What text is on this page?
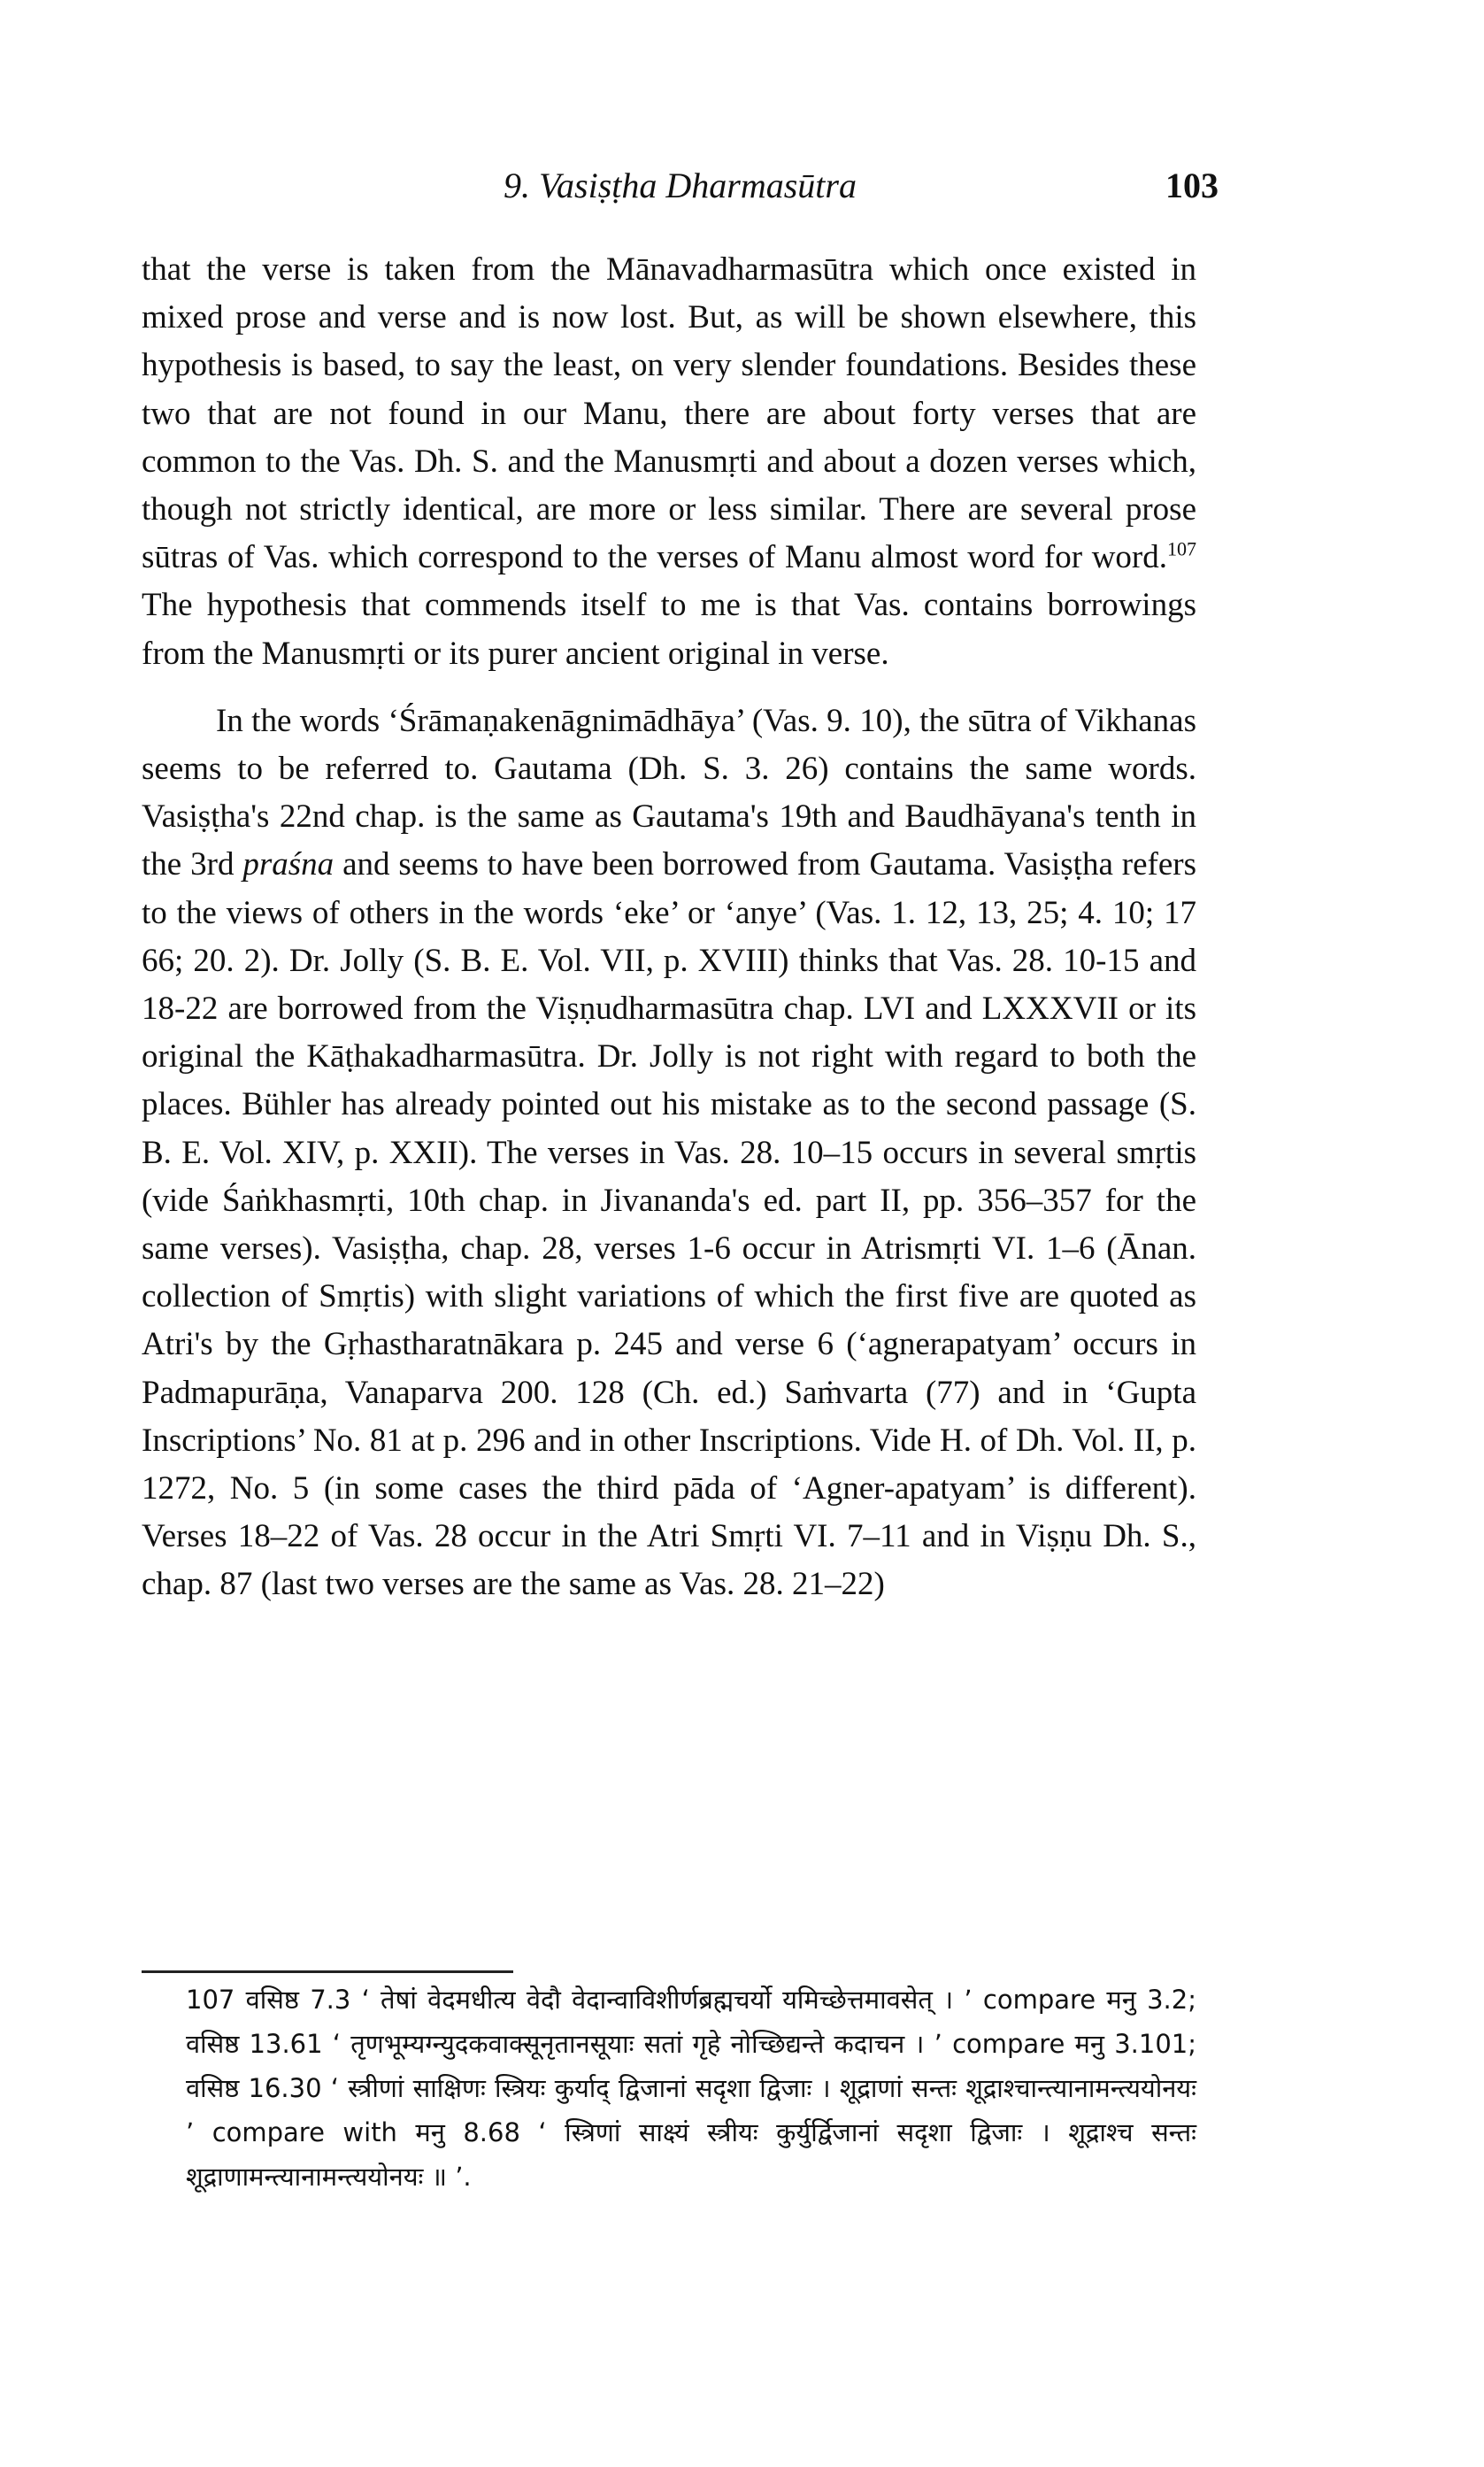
9. Vasiṣṭha Dharmasūtra	103

that the verse is taken from the Mānavadharmasūtra which once existed in mixed prose and verse and is now lost. But, as will be shown elsewhere, this hypothesis is based, to say the least, on very slender foundations. Besides these two that are not found in our Manu, there are about forty verses that are common to the Vas. Dh. S. and the Manusmṛti and about a dozen verses which, though not strictly identical, are more or less similar. There are several prose sūtras of Vas. which correspond to the verses of Manu almost word for word.$^{107}$ The hypothesis that commends itself to me is that Vas. contains borrowings from the Manusmṛti or its purer ancient original in verse.

In the words ‘Śrāmaṇakenāgnimādhāya’ (Vas. 9. 10), the sūtra of Vikhanas seems to be referred to. Gautama (Dh. S. 3. 26) contains the same words. Vasiṣṭha's 22nd chap. is the same as Gautama's 19th and Baudhāyana's tenth in the 3rd praśna and seems to have been borrowed from Gautama. Vasiṣṭha refers to the views of others in the words ‘eke’ or ‘anye’ (Vas. 1. 12, 13, 25; 4. 10; 17 66; 20. 2). Dr. Jolly (S. B. E. Vol. VII, p. XVIII) thinks that Vas. 28. 10-15 and 18-22 are borrowed from the Viṣṇudharmasūtra chap. LVI and LXXXVII or its original the Kāṭhakadharmasūtra. Dr. Jolly is not right with regard to both the places. Bühler has already pointed out his mistake as to the second passage (S. B. E. Vol. XIV, p. XXII). The verses in Vas. 28. 10–15 occurs in several smṛtis (vide Śaṅkhasmṛti, 10th chap. in Jivananda's ed. part II, pp. 356–357 for the same verses). Vasiṣṭha, chap. 28, verses 1-6 occur in Atrismṛti VI. 1–6 (Ānan. collection of Smṛtis) with slight variations of which the first five are quoted as Atri's by the Gṛhastharatnākara p. 245 and verse 6 (‘agnerapatyam’ occurs in Padmapurāṇa, Vanaparva 200. 128 (Ch. ed.) Saṁvarta (77) and in ‘Gupta Inscriptions’ No. 81 at p. 296 and in other Inscriptions. Vide H. of Dh. Vol. II, p. 1272, No. 5 (in some cases the third pāda of ‘Agner-apatyam’ is different). Verses 18–22 of Vas. 28 occur in the Atri Smṛti VI. 7–11 and in Viṣṇu Dh. S., chap. 87 (last two verses are the same as Vas. 28. 21–22)

107 वसिष्ठ 7.3 ‘ तेषां वेदमधीत्य वेदौ वेदान्वाविशीर्णब्रह्मचर्यो यमिच्छेत्तमावसेत् । ’ compare मनु 3.2; वसिष्ठ 13.61 ‘ तृणभूम्यग्न्युदकवाक्सूनृतानसूयाः सतां गृहे नोच्छिद्यन्ते कदाचन । ’ compare मनु 3.101; वसिष्ठ 16.30 ‘ स्त्रीणां साक्षिणः स्त्रियः कुर्याद् द्विजानां सदृशा द्विजाः । शूद्राणां सन्तः शूद्राश्चान्त्यानामन्त्ययोनयः ’ compare with मनु 8.68 ‘ स्त्रिणां साक्ष्यं स्त्रीयः कुर्युर्द्विजानां सदृशा द्विजाः । शूद्राश्च सन्तः शूद्राणामन्त्यानामन्त्ययोनयः ॥ ’.
